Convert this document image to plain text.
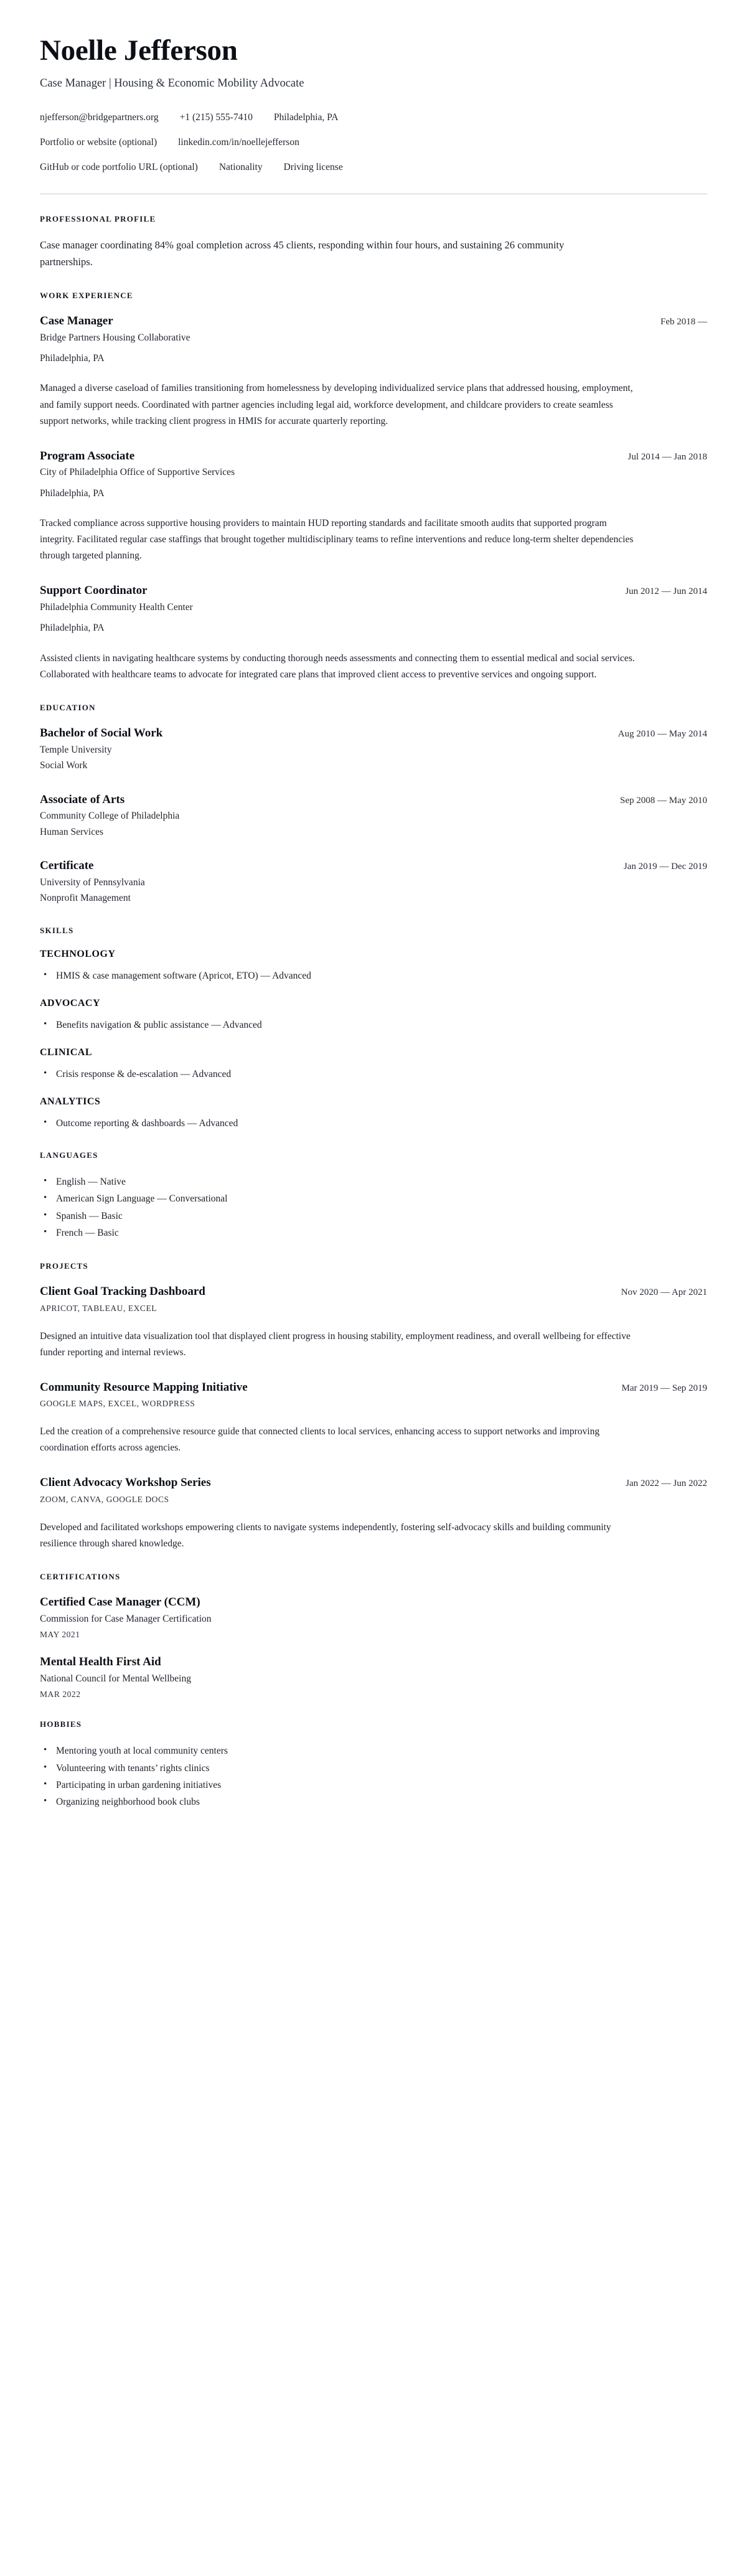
Noelle Jefferson
Case Manager | Housing & Economic Mobility Advocate
njefferson@bridgepartners.org +1 (215) 555-7410 Philadelphia, PA
Portfolio or website (optional) linkedin.com/in/noellejefferson
GitHub or code portfolio URL (optional) Nationality Driving license
PROFESSIONAL PROFILE

Case manager coordinating 84% goal completion across 45 clients, responding within four hours, and sustaining 26 community partnerships.

WORK EXPERIENCE
Case Manager	Feb 2018 —
Bridge Partners Housing Collaborative
Philadelphia, PA

Managed a diverse caseload of families transitioning from homelessness by developing individualized service plans that addressed housing, employment, and family support needs. Coordinated with partner agencies including legal aid, workforce development, and childcare providers to create seamless support networks, while tracking client progress in HMIS for accurate quarterly reporting.

Program Associate	Jul 2014 — Jan 2018
City of Philadelphia Office of Supportive Services
Philadelphia, PA

Tracked compliance across supportive housing providers to maintain HUD reporting standards and facilitate smooth audits that supported program integrity. Facilitated regular case staffings that brought together multidisciplinary teams to refine interventions and reduce long-term shelter dependencies through targeted planning.

Support Coordinator	Jun 2012 — Jun 2014
Philadelphia Community Health Center
Philadelphia, PA

Assisted clients in navigating healthcare systems by conducting thorough needs assessments and connecting them to essential medical and social services. Collaborated with healthcare teams to advocate for integrated care plans that improved client access to preventive services and ongoing support.

EDUCATION
Bachelor of Social Work	Aug 2010 — May 2014
Temple University
Social Work
Associate of Arts	Sep 2008 — May 2010
Community College of Philadelphia
Human Services
Certificate	Jan 2019 — Dec 2019
University of Pennsylvania
Nonprofit Management
SKILLS
TECHNOLOGY
• HMIS & case management software (Apricot, ETO) — Advanced
ADVOCACY
• Benefits navigation & public assistance — Advanced
CLINICAL
• Crisis response & de-escalation — Advanced
ANALYTICS
• Outcome reporting & dashboards — Advanced
LANGUAGES
• English — Native
• American Sign Language — Conversational
• Spanish — Basic
• French — Basic
PROJECTS
Client Goal Tracking Dashboard	Nov 2020 — Apr 2021
APRICOT, TABLEAU, EXCEL

Designed an intuitive data visualization tool that displayed client progress in housing stability, employment readiness, and overall wellbeing for effective funder reporting and internal reviews.

Community Resource Mapping Initiative	Mar 2019 — Sep 2019
GOOGLE MAPS, EXCEL, WORDPRESS

Led the creation of a comprehensive resource guide that connected clients to local services, enhancing access to support networks and improving coordination efforts across agencies.

Client Advocacy Workshop Series	Jan 2022 — Jun 2022
ZOOM, CANVA, GOOGLE DOCS

Developed and facilitated workshops empowering clients to navigate systems independently, fostering self-advocacy skills and building community resilience through shared knowledge.

CERTIFICATIONS
Certified Case Manager (CCM)
Commission for Case Manager Certification
MAY 2021
Mental Health First Aid
National Council for Mental Wellbeing
MAR 2022
HOBBIES
• Mentoring youth at local community centers
• Volunteering with tenants’ rights clinics
• Participating in urban gardening initiatives
• Organizing neighborhood book clubs
